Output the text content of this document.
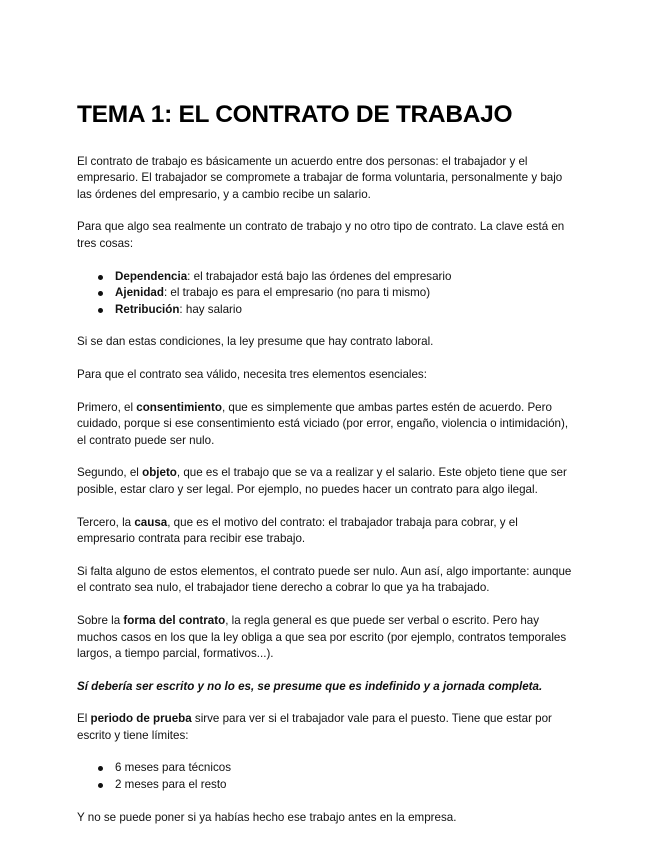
TEMA 1: EL CONTRATO DE TRABAJO

El contrato de trabajo es básicamente un acuerdo entre dos personas: el trabajador y el empresario. El trabajador se compromete a trabajar de forma voluntaria, personalmente y bajo las órdenes del empresario, y a cambio recibe un salario.

Para que algo sea realmente un contrato de trabajo y no otro tipo de contrato. La clave está en tres cosas:

Dependencia: el trabajador está bajo las órdenes del empresario
Ajenidad: el trabajo es para el empresario (no para ti mismo)
Retribución: hay salario

Si se dan estas condiciones, la ley presume que hay contrato laboral.

Para que el contrato sea válido, necesita tres elementos esenciales:

Primero, el consentimiento, que es simplemente que ambas partes estén de acuerdo. Pero cuidado, porque si ese consentimiento está viciado (por error, engaño, violencia o intimidación), el contrato puede ser nulo.

Segundo, el objeto, que es el trabajo que se va a realizar y el salario. Este objeto tiene que ser posible, estar claro y ser legal. Por ejemplo, no puedes hacer un contrato para algo ilegal.

Tercero, la causa, que es el motivo del contrato: el trabajador trabaja para cobrar, y el empresario contrata para recibir ese trabajo.

Si falta alguno de estos elementos, el contrato puede ser nulo. Aun así, algo importante: aunque el contrato sea nulo, el trabajador tiene derecho a cobrar lo que ya ha trabajado.

Sobre la forma del contrato, la regla general es que puede ser verbal o escrito. Pero hay muchos casos en los que la ley obliga a que sea por escrito (por ejemplo, contratos temporales largos, a tiempo parcial, formativos...).

Sí debería ser escrito y no lo es, se presume que es indefinido y a jornada completa.

El periodo de prueba sirve para ver si el trabajador vale para el puesto. Tiene que estar por escrito y tiene límites:

6 meses para técnicos
2 meses para el resto

Y no se puede poner si ya habías hecho ese trabajo antes en la empresa.
